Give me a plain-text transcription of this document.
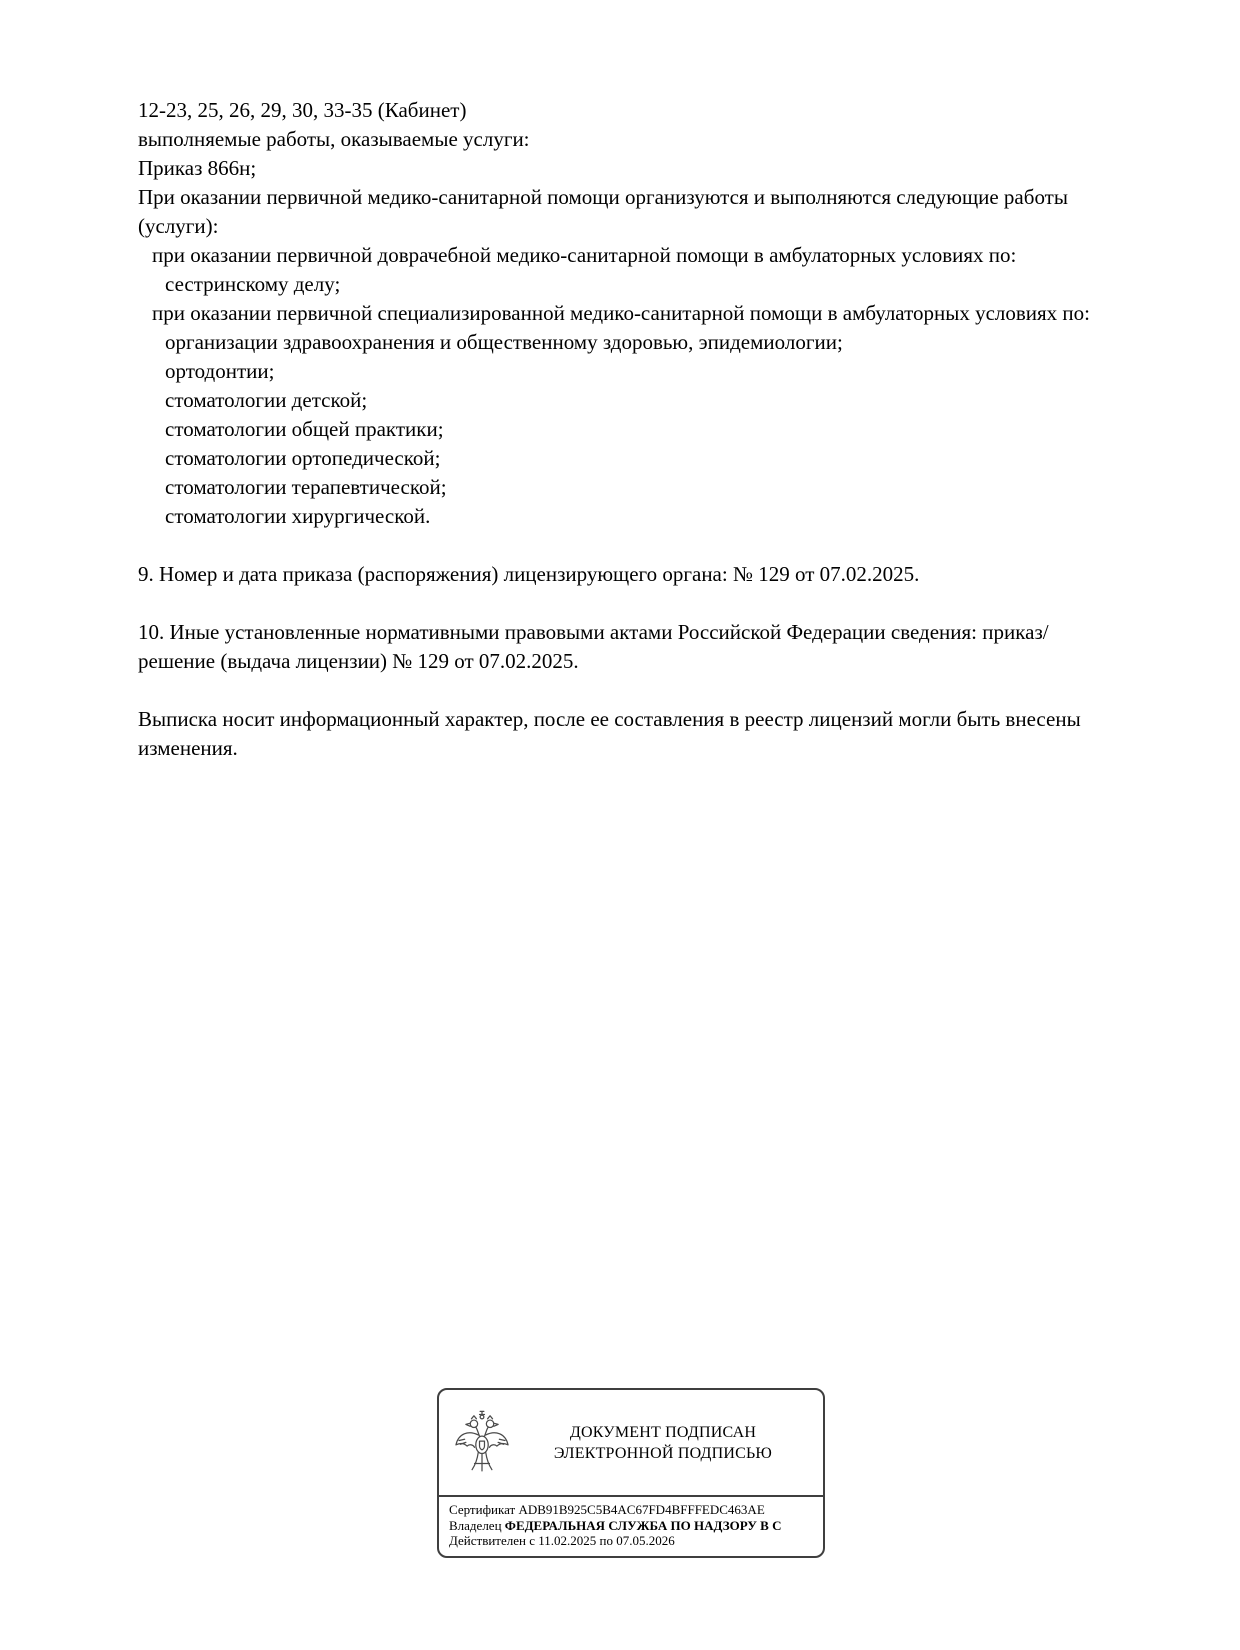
12-23, 25, 26, 29, 30, 33-35 (Кабинет)

выполняемые работы, оказываемые услуги:

Приказ 866н;

При оказании первичной медико-санитарной помощи организуются и выполняются следующие работы (услуги):

при оказании первичной доврачебной медико-санитарной помощи в амбулаторных условиях по:

сестринскому делу;

при оказании первичной специализированной медико-санитарной помощи в амбулаторных условиях по:

организации здравоохранения и общественному здоровью, эпидемиологии;

ортодонтии;

стоматологии детской;

стоматологии общей практики;

стоматологии ортопедической;

стоматологии терапевтической;

стоматологии хирургической.

9. Номер и дата приказа (распоряжения) лицензирующего органа: № 129 от 07.02.2025.

10. Иные установленные нормативными правовыми актами Российской Федерации сведения: приказ/решение (выдача лицензии) № 129 от 07.02.2025.

Выписка носит информационный характер, после ее составления в реестр лицензий могли быть внесены изменения.

ДОКУМЕНТ ПОДПИСАН
ЭЛЕКТРОННОЙ ПОДПИСЬЮ
Сертификат ADB91B925C5B4AC67FD4BFFFEDC463AE
Владелец ФЕДЕРАЛЬНАЯ СЛУЖБА ПО НАДЗОРУ В С
Действителен с 11.02.2025 по 07.05.2026
